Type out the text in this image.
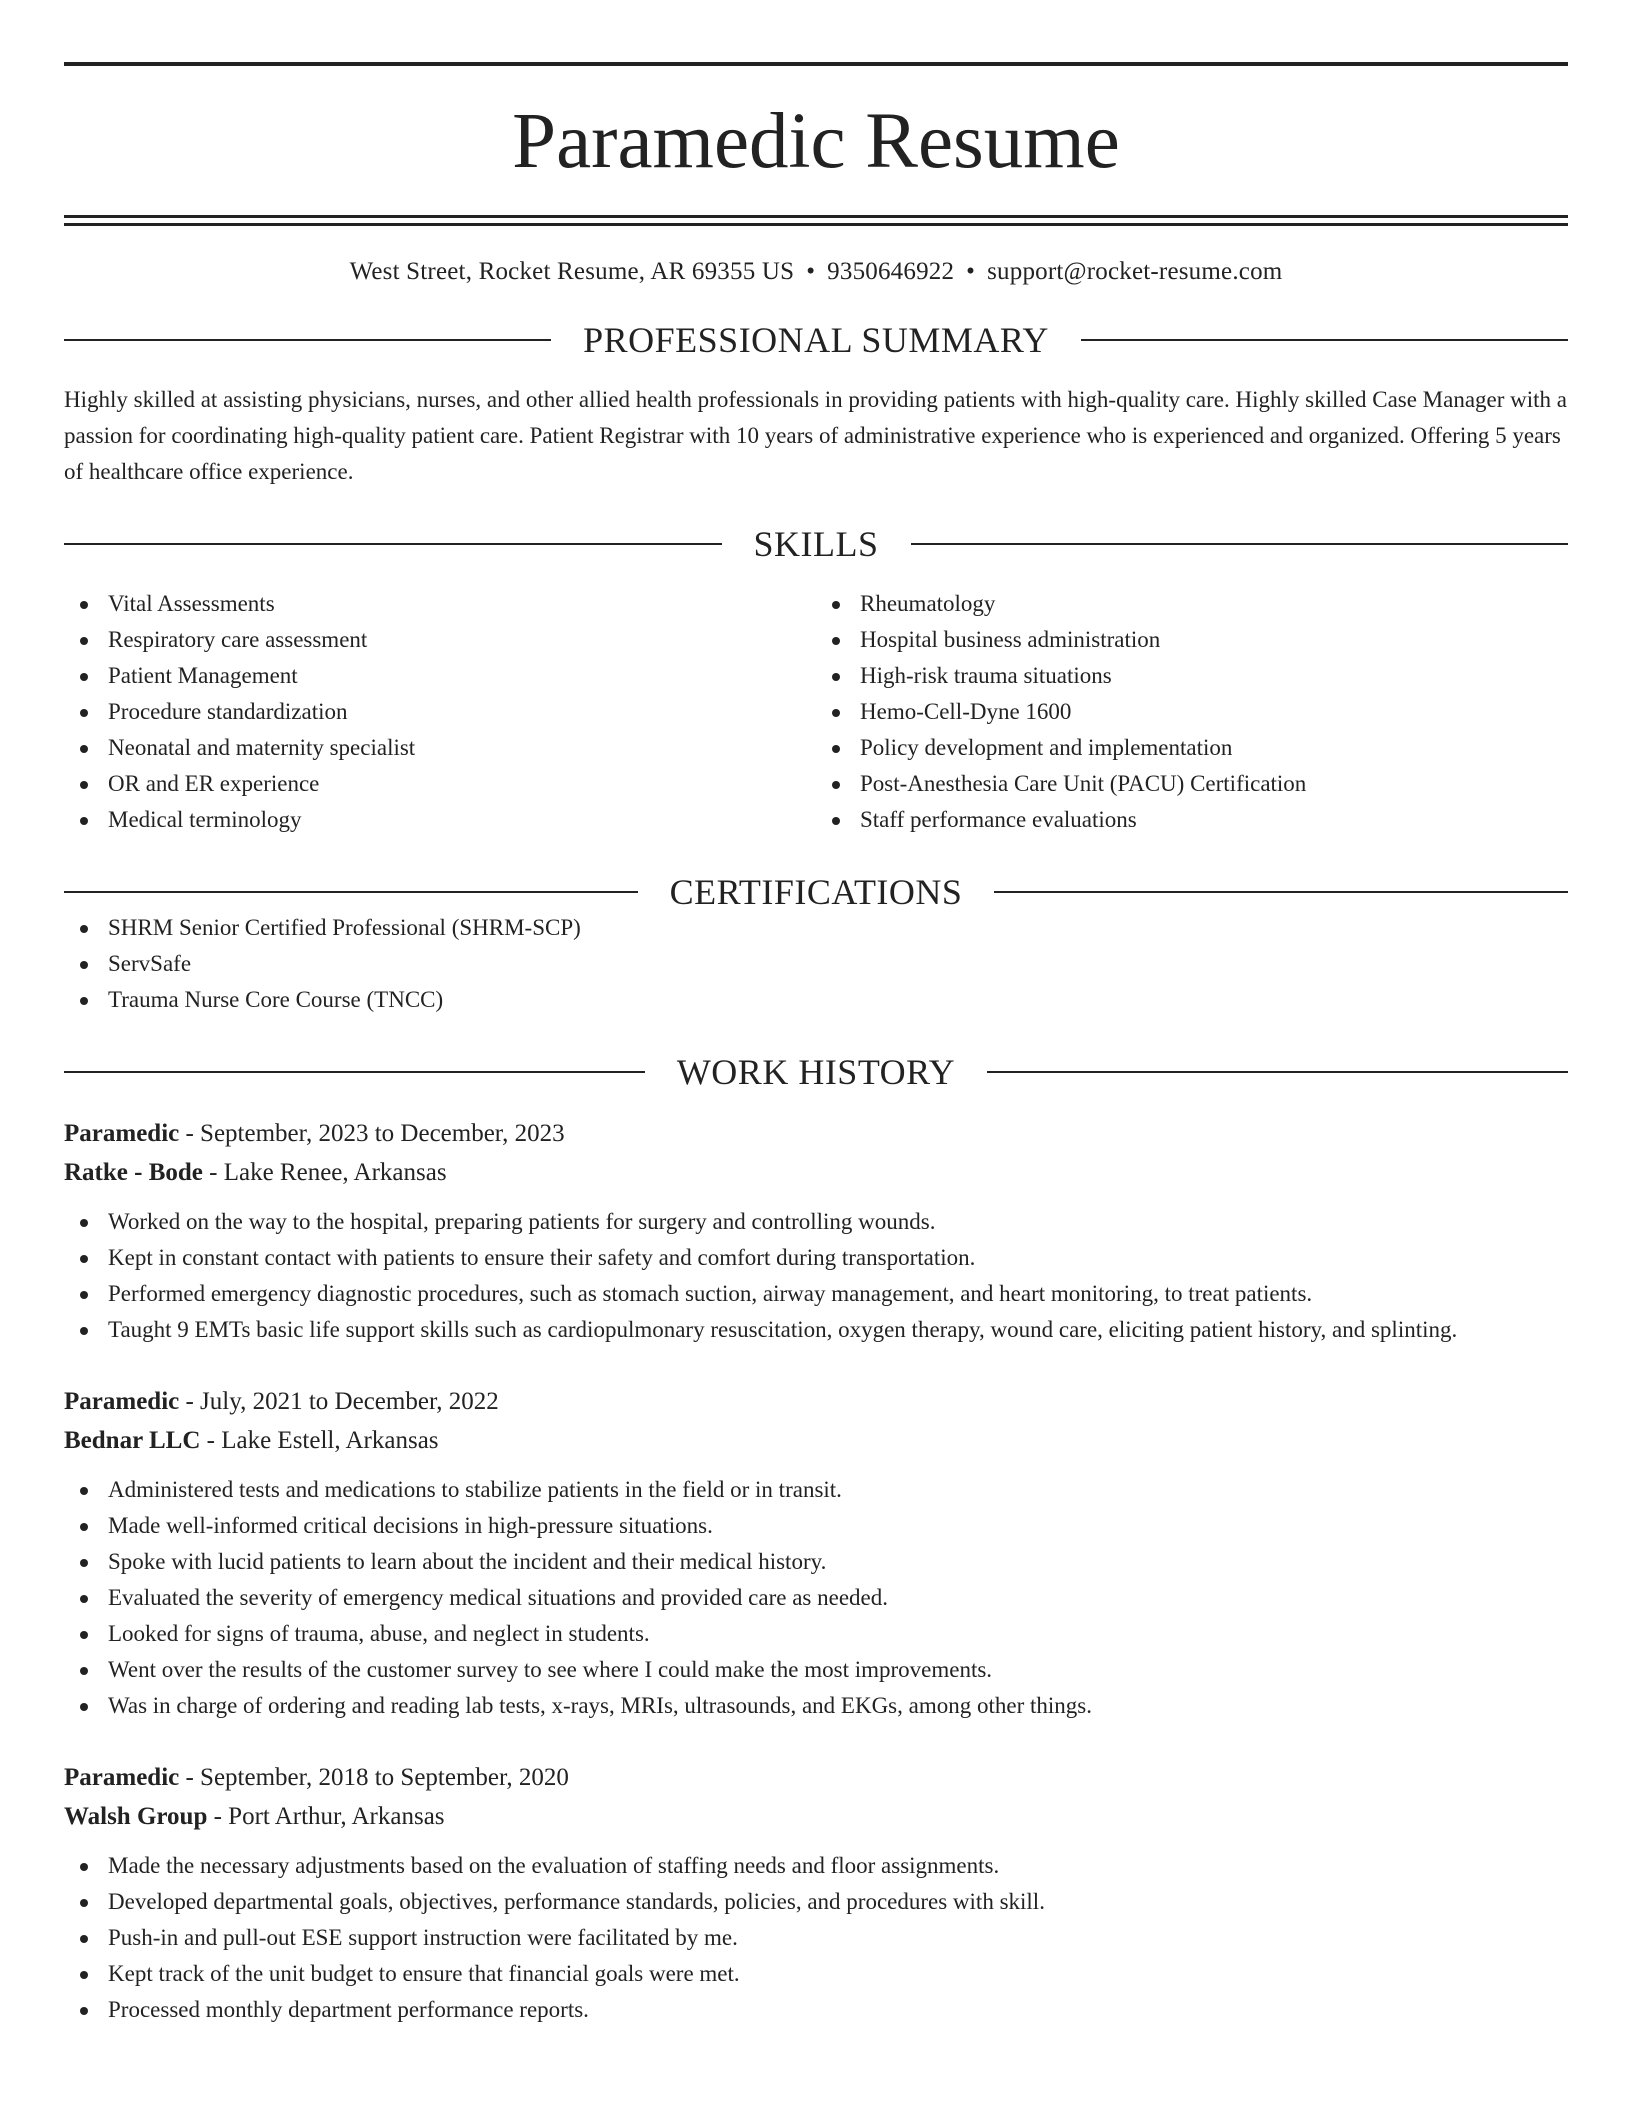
Paramedic Resume
West Street, Rocket Resume, AR 69355 US • 9350646922 • support@rocket-resume.com
PROFESSIONAL SUMMARY

Highly skilled at assisting physicians, nurses, and other allied health professionals in providing patients with high-quality care. Highly skilled Case Manager with a passion for coordinating high-quality patient care. Patient Registrar with 10 years of administrative experience who is experienced and organized. Offering 5 years of healthcare office experience.

SKILLS
Vital Assessments
Respiratory care assessment
Patient Management
Procedure standardization
Neonatal and maternity specialist
OR and ER experience
Medical terminology
Rheumatology
Hospital business administration
High-risk trauma situations
Hemo-Cell-Dyne 1600
Policy development and implementation
Post-Anesthesia Care Unit (PACU) Certification
Staff performance evaluations
CERTIFICATIONS
SHRM Senior Certified Professional (SHRM-SCP)
ServSafe
Trauma Nurse Core Course (TNCC)
WORK HISTORY
Paramedic - September, 2023 to December, 2023
Ratke - Bode - Lake Renee, Arkansas
Worked on the way to the hospital, preparing patients for surgery and controlling wounds.
Kept in constant contact with patients to ensure their safety and comfort during transportation.
Performed emergency diagnostic procedures, such as stomach suction, airway management, and heart monitoring, to treat patients.
Taught 9 EMTs basic life support skills such as cardiopulmonary resuscitation, oxygen therapy, wound care, eliciting patient history, and splinting.
Paramedic - July, 2021 to December, 2022
Bednar LLC - Lake Estell, Arkansas
Administered tests and medications to stabilize patients in the field or in transit.
Made well-informed critical decisions in high-pressure situations.
Spoke with lucid patients to learn about the incident and their medical history.
Evaluated the severity of emergency medical situations and provided care as needed.
Looked for signs of trauma, abuse, and neglect in students.
Went over the results of the customer survey to see where I could make the most improvements.
Was in charge of ordering and reading lab tests, x-rays, MRIs, ultrasounds, and EKGs, among other things.
Paramedic - September, 2018 to September, 2020
Walsh Group - Port Arthur, Arkansas
Made the necessary adjustments based on the evaluation of staffing needs and floor assignments.
Developed departmental goals, objectives, performance standards, policies, and procedures with skill.
Push-in and pull-out ESE support instruction were facilitated by me.
Kept track of the unit budget to ensure that financial goals were met.
Processed monthly department performance reports.
